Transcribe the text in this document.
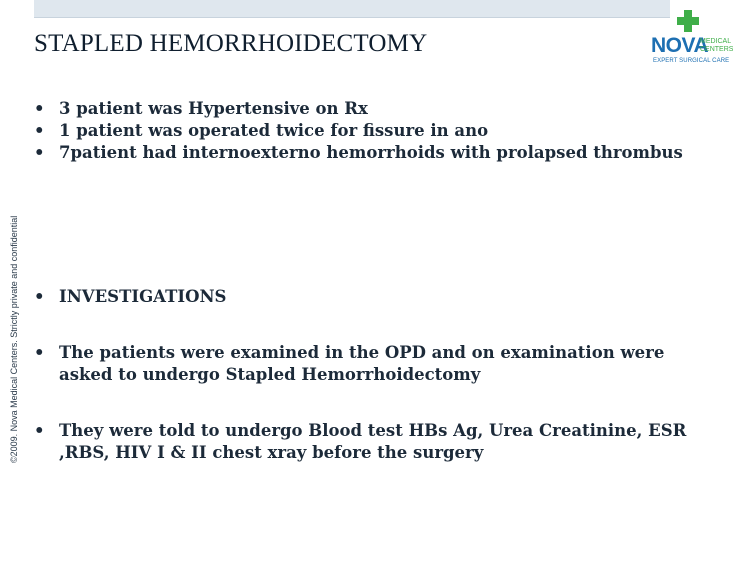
©2009. Nova Medical Centers. Strictly private and confidential
STAPLED HEMORRHOIDECTOMY	NOVA
MEDICAL
CENTERS
EXPERT SURGICAL CARE
• 3 patient was Hypertensive on Rx
• 1 patient was operated twice for fissure in ano
• 7patient had internoexterno hemorrhoids with prolapsed thrombus
• INVESTIGATIONS
• The patients were examined in the OPD and on examination were asked to undergo Stapled Hemorrhoidectomy
• They were told to undergo Blood test HBs Ag, Urea Creatinine, ESR ,RBS, HIV I & II chest xray before the surgery
